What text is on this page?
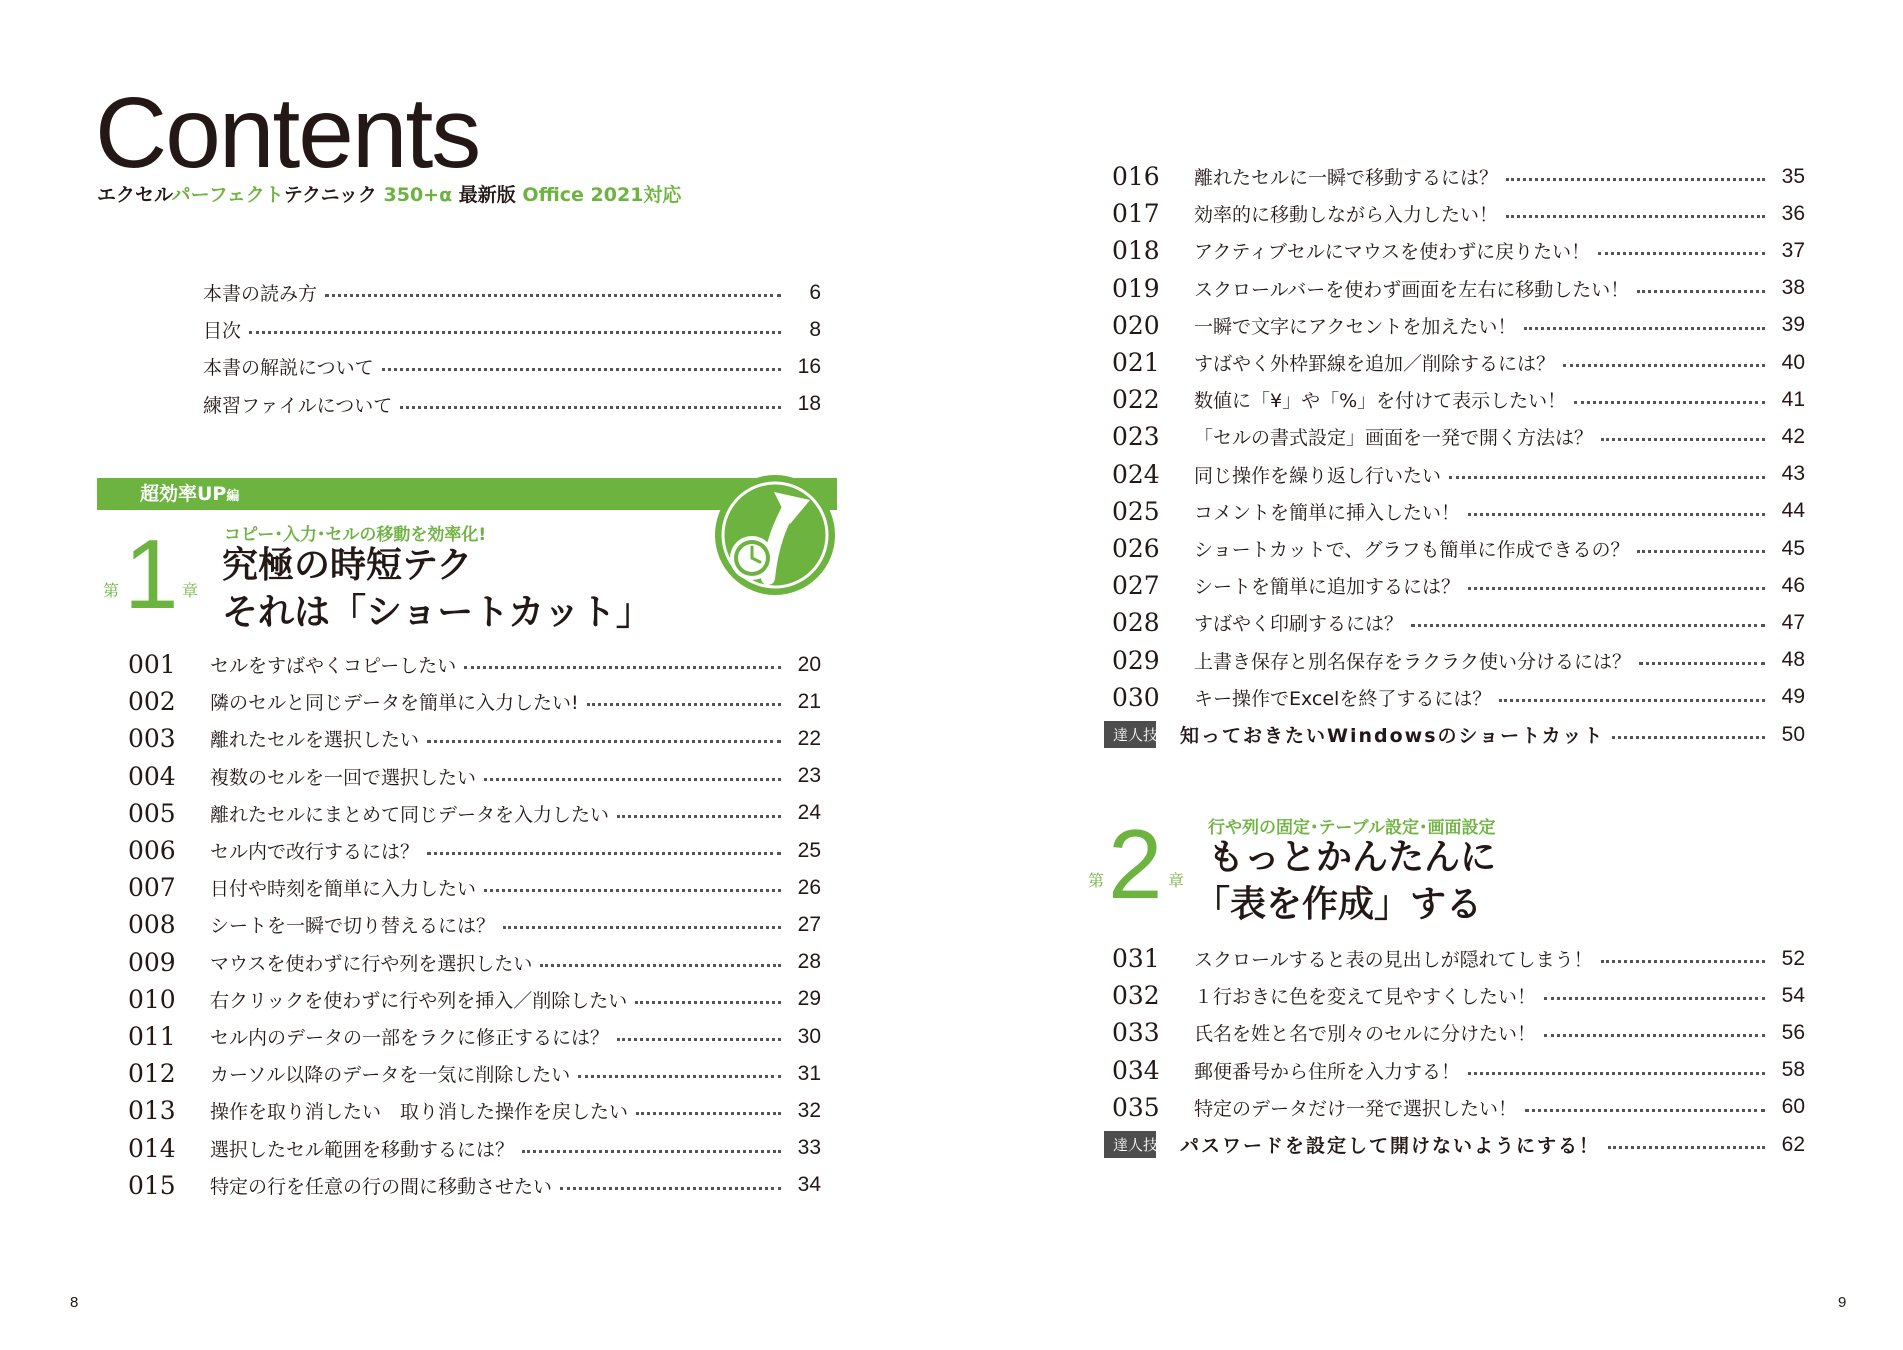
Contents
エクセルパーフェクトテクニック 350+α 最新版 Office 2021対応
本書の読み方	6
目次	8
本書の解説について	16
練習ファイルについて	18
超効率UP編
第 1 章
コピー･入力･セルの移動を効率化!
究極の時短テク
それは「ショートカット」
001	セルをすばやくコピーしたい	20
002	隣のセルと同じデータを簡単に入力したい!	21
003	離れたセルを選択したい	22
004	複数のセルを一回で選択したい	23
005	離れたセルにまとめて同じデータを入力したい	24
006	セル内で改行するには？	25
007	日付や時刻を簡単に入力したい	26
008	シートを一瞬で切り替えるには？	27
009	マウスを使わずに行や列を選択したい	28
010	右クリックを使わずに行や列を挿入／削除したい	29
011	セル内のデータの一部をラクに修正するには？	30
012	カーソル以降のデータを一気に削除したい	31
013	操作を取り消したい　取り消した操作を戻したい	32
014	選択したセル範囲を移動するには？	33
015	特定の行を任意の行の間に移動させたい	34
016	離れたセルに一瞬で移動するには？	35
017	効率的に移動しながら入力したい！	36
018	アクティブセルにマウスを使わずに戻りたい！	37
019	スクロールバーを使わず画面を左右に移動したい！	38
020	一瞬で文字にアクセントを加えたい！	39
021	すばやく外枠罫線を追加／削除するには？	40
022	数値に「¥」や「%」を付けて表示したい！	41
023	「セルの書式設定」画面を一発で開く方法は？	42
024	同じ操作を繰り返し行いたい	43
025	コメントを簡単に挿入したい！	44
026	ショートカットで、グラフも簡単に作成できるの？	45
027	シートを簡単に追加するには？	46
028	すばやく印刷するには？	47
029	上書き保存と別名保存をラクラク使い分けるには？	48
030	キー操作でExcelを終了するには？	49
達人技 知っておきたいWindowsのショートカット	50
第 2 章
行や列の固定･テーブル設定･画面設定
もっとかんたんに
「表を作成」する
031	スクロールすると表の見出しが隠れてしまう！	52
032	１行おきに色を変えて見やすくしたい！	54
033	氏名を姓と名で別々のセルに分けたい！	56
034	郵便番号から住所を入力する！	58
035	特定のデータだけ一発で選択したい！	60
達人技 パスワードを設定して開けないようにする！	62
8	9
